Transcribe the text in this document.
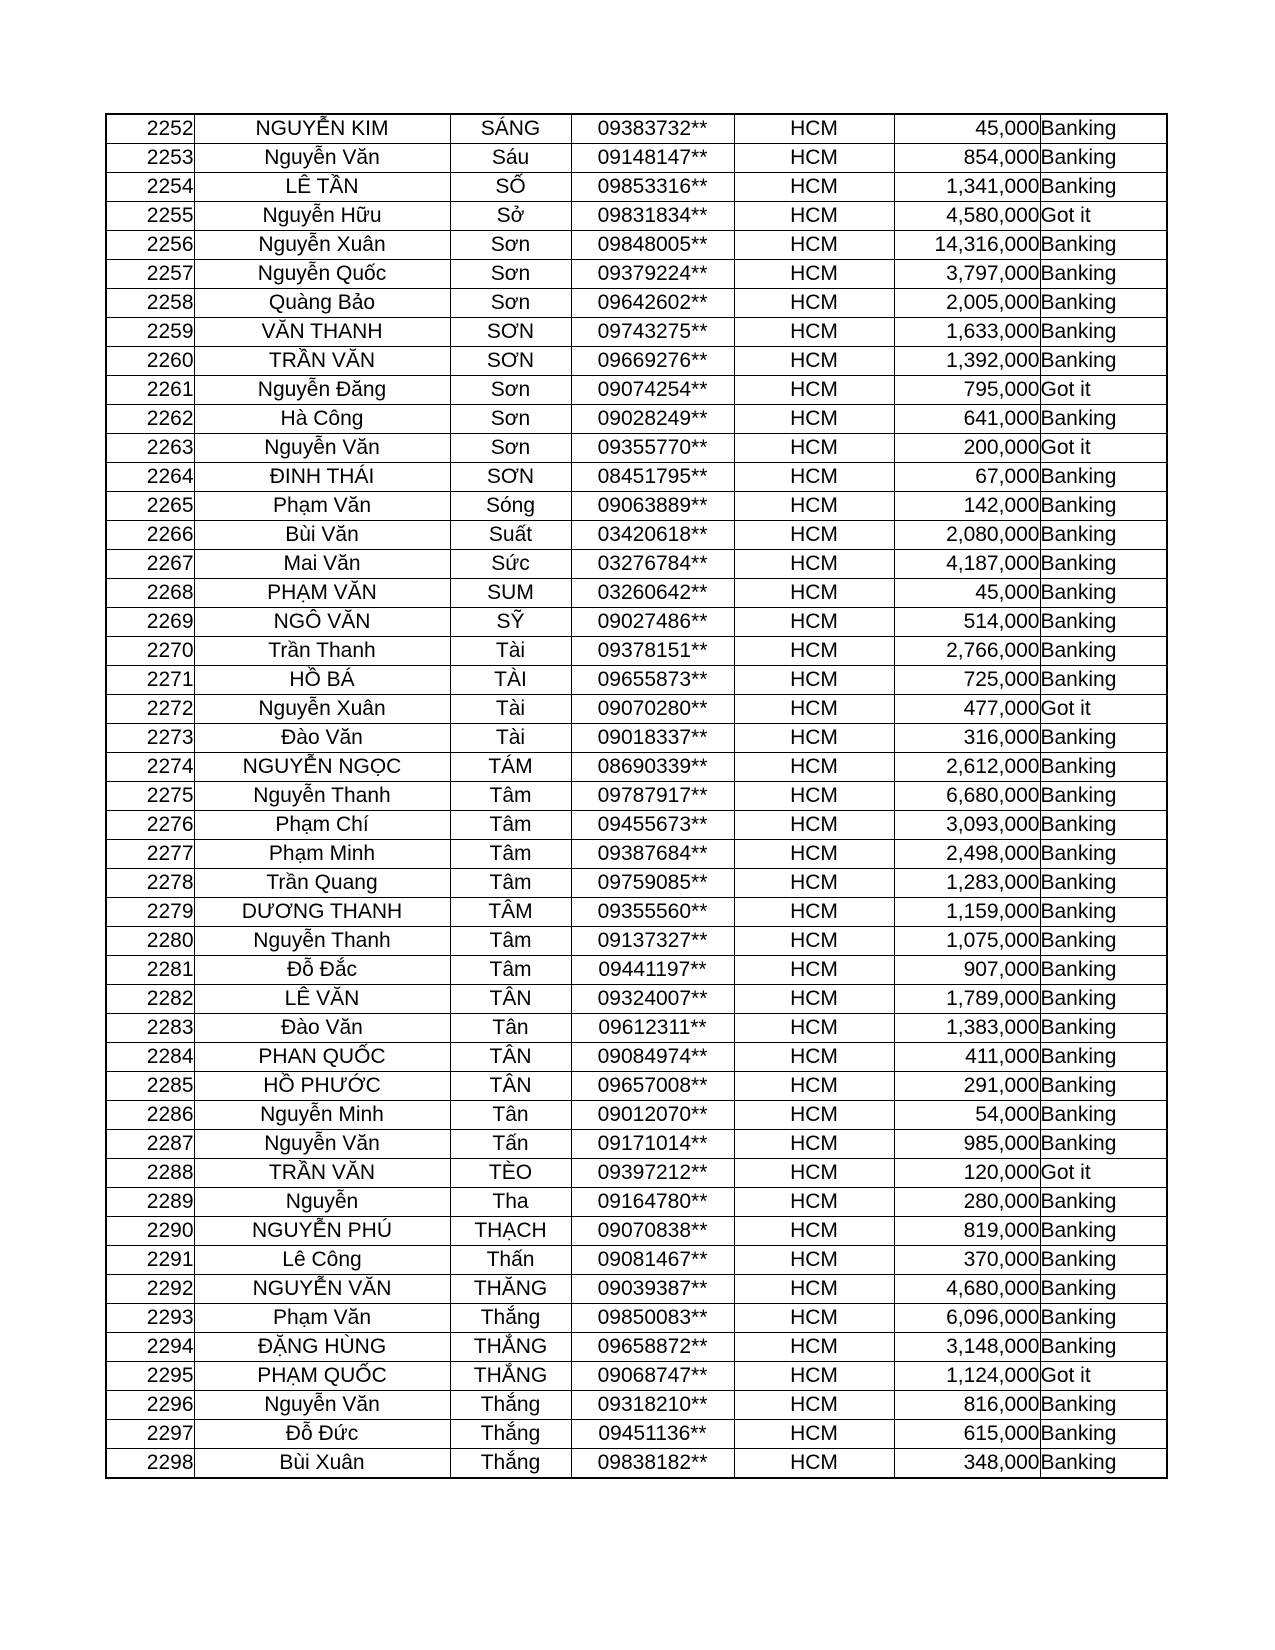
2252	NGUYỄN KIM	SÁNG	09383732**	HCM	45,000	Banking
2253	Nguyễn Văn	Sáu	09148147**	HCM	854,000	Banking
2254	LÊ TẦN	SỐ	09853316**	HCM	1,341,000	Banking
2255	Nguyễn Hữu	Sở	09831834**	HCM	4,580,000	Got it
2256	Nguyễn Xuân	Sơn	09848005**	HCM	14,316,000	Banking
2257	Nguyễn Quốc	Sơn	09379224**	HCM	3,797,000	Banking
2258	Quàng Bảo	Sơn	09642602**	HCM	2,005,000	Banking
2259	VĂN THANH	SƠN	09743275**	HCM	1,633,000	Banking
2260	TRẦN VĂN	SƠN	09669276**	HCM	1,392,000	Banking
2261	Nguyễn Đăng	Sơn	09074254**	HCM	795,000	Got it
2262	Hà Công	Sơn	09028249**	HCM	641,000	Banking
2263	Nguyễn Văn	Sơn	09355770**	HCM	200,000	Got it
2264	ĐINH THÁI	SƠN	08451795**	HCM	67,000	Banking
2265	Phạm Văn	Sóng	09063889**	HCM	142,000	Banking
2266	Bùi Văn	Suất	03420618**	HCM	2,080,000	Banking
2267	Mai Văn	Sức	03276784**	HCM	4,187,000	Banking
2268	PHẠM VĂN	SUM	03260642**	HCM	45,000	Banking
2269	NGÔ VĂN	SỸ	09027486**	HCM	514,000	Banking
2270	Trần Thanh	Tài	09378151**	HCM	2,766,000	Banking
2271	HỒ BÁ	TÀI	09655873**	HCM	725,000	Banking
2272	Nguyễn Xuân	Tài	09070280**	HCM	477,000	Got it
2273	Đào Văn	Tài	09018337**	HCM	316,000	Banking
2274	NGUYỄN NGỌC	TÁM	08690339**	HCM	2,612,000	Banking
2275	Nguyễn Thanh	Tâm	09787917**	HCM	6,680,000	Banking
2276	Phạm Chí	Tâm	09455673**	HCM	3,093,000	Banking
2277	Phạm Minh	Tâm	09387684**	HCM	2,498,000	Banking
2278	Trần Quang	Tâm	09759085**	HCM	1,283,000	Banking
2279	DƯƠNG THANH	TÂM	09355560**	HCM	1,159,000	Banking
2280	Nguyễn Thanh	Tâm	09137327**	HCM	1,075,000	Banking
2281	Đỗ Đắc	Tâm	09441197**	HCM	907,000	Banking
2282	LÊ VĂN	TÂN	09324007**	HCM	1,789,000	Banking
2283	Đào Văn	Tân	09612311**	HCM	1,383,000	Banking
2284	PHAN QUỐC	TÂN	09084974**	HCM	411,000	Banking
2285	HỒ PHƯỚC	TÂN	09657008**	HCM	291,000	Banking
2286	Nguyễn Minh	Tân	09012070**	HCM	54,000	Banking
2287	Nguyễn Văn	Tấn	09171014**	HCM	985,000	Banking
2288	TRẦN VĂN	TÈO	09397212**	HCM	120,000	Got it
2289	Nguyễn	Tha	09164780**	HCM	280,000	Banking
2290	NGUYỄN PHÚ	THẠCH	09070838**	HCM	819,000	Banking
2291	Lê Công	Thấn	09081467**	HCM	370,000	Banking
2292	NGUYỄN VĂN	THĂNG	09039387**	HCM	4,680,000	Banking
2293	Phạm Văn	Thắng	09850083**	HCM	6,096,000	Banking
2294	ĐẶNG HÙNG	THẮNG	09658872**	HCM	3,148,000	Banking
2295	PHẠM QUỐC	THẮNG	09068747**	HCM	1,124,000	Got it
2296	Nguyễn Văn	Thắng	09318210**	HCM	816,000	Banking
2297	Đỗ Đức	Thắng	09451136**	HCM	615,000	Banking
2298	Bùi Xuân	Thắng	09838182**	HCM	348,000	Banking
